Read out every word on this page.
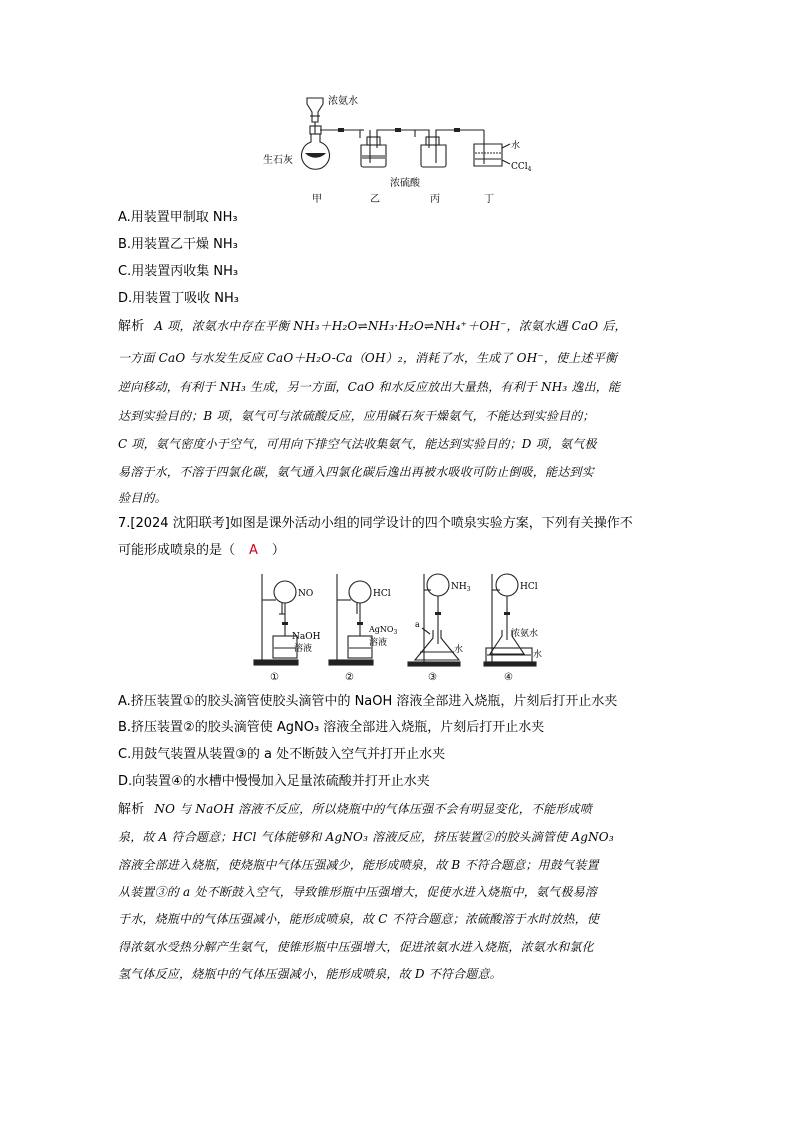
浓氨水
生石灰
浓硫酸
水
CCl$_4$
甲	乙	丙	丁
A.用装置甲制取 NH₃
B.用装置乙干燥 NH₃
C.用装置丙收集 NH₃
D.用装置丁吸收 NH₃
解析 A 项，浓氨水中存在平衡 NH₃＋H₂O⇌NH₃·H₂O⇌NH₄⁺＋OH⁻，浓氨水遇 CaO 后，
一方面 CaO 与水发生反应 CaO＋H₂O-Ca（OH）₂，消耗了水，生成了 OH⁻，使上述平衡
逆向移动，有利于 NH₃ 生成，另一方面，CaO 和水反应放出大量热，有利于 NH₃ 逸出，能
达到实验目的；B 项，氨气可与浓硫酸反应，应用碱石灰干燥氨气，不能达到实验目的；
C 项，氨气密度小于空气，可用向下排空气法收集氨气，能达到实验目的；D 项，氨气极
易溶于水，不溶于四氯化碳，氨气通入四氯化碳后逸出再被水吸收可防止倒吸，能达到实
验目的。
7.[2024 沈阳联考]如图是课外活动小组的同学设计的四个喷泉实验方案，下列有关操作不
可能形成喷泉的是（ A ）
NO
NaOH
溶液
HCl
AgNO$_3$
溶液
$NH_3$
a
水
HCl
浓氨水
水
①	②	③	④
A.挤压装置①的胶头滴管使胶头滴管中的 NaOH 溶液全部进入烧瓶，片刻后打开止水夹
B.挤压装置②的胶头滴管使 AgNO₃ 溶液全部进入烧瓶，片刻后打开止水夹
C.用鼓气装置从装置③的 a 处不断鼓入空气并打开止水夹
D.向装置④的水槽中慢慢加入足量浓硫酸并打开止水夹
解析 NO 与 NaOH 溶液不反应，所以烧瓶中的气体压强不会有明显变化，不能形成喷
泉，故 A 符合题意；HCl 气体能够和 AgNO₃ 溶液反应，挤压装置②的胶头滴管使 AgNO₃
溶液全部进入烧瓶，使烧瓶中气体压强减少，能形成喷泉，故 B 不符合题意；用鼓气装置
从装置③的 a 处不断鼓入空气，导致锥形瓶中压强增大，促使水进入烧瓶中，氨气极易溶
于水，烧瓶中的气体压强减小，能形成喷泉，故 C 不符合题意；浓硫酸溶于水时放热，使
得浓氨水受热分解产生氨气，使锥形瓶中压强增大，促进浓氨水进入烧瓶，浓氨水和氯化
氢气体反应，烧瓶中的气体压强减小，能形成喷泉，故 D 不符合题意。
